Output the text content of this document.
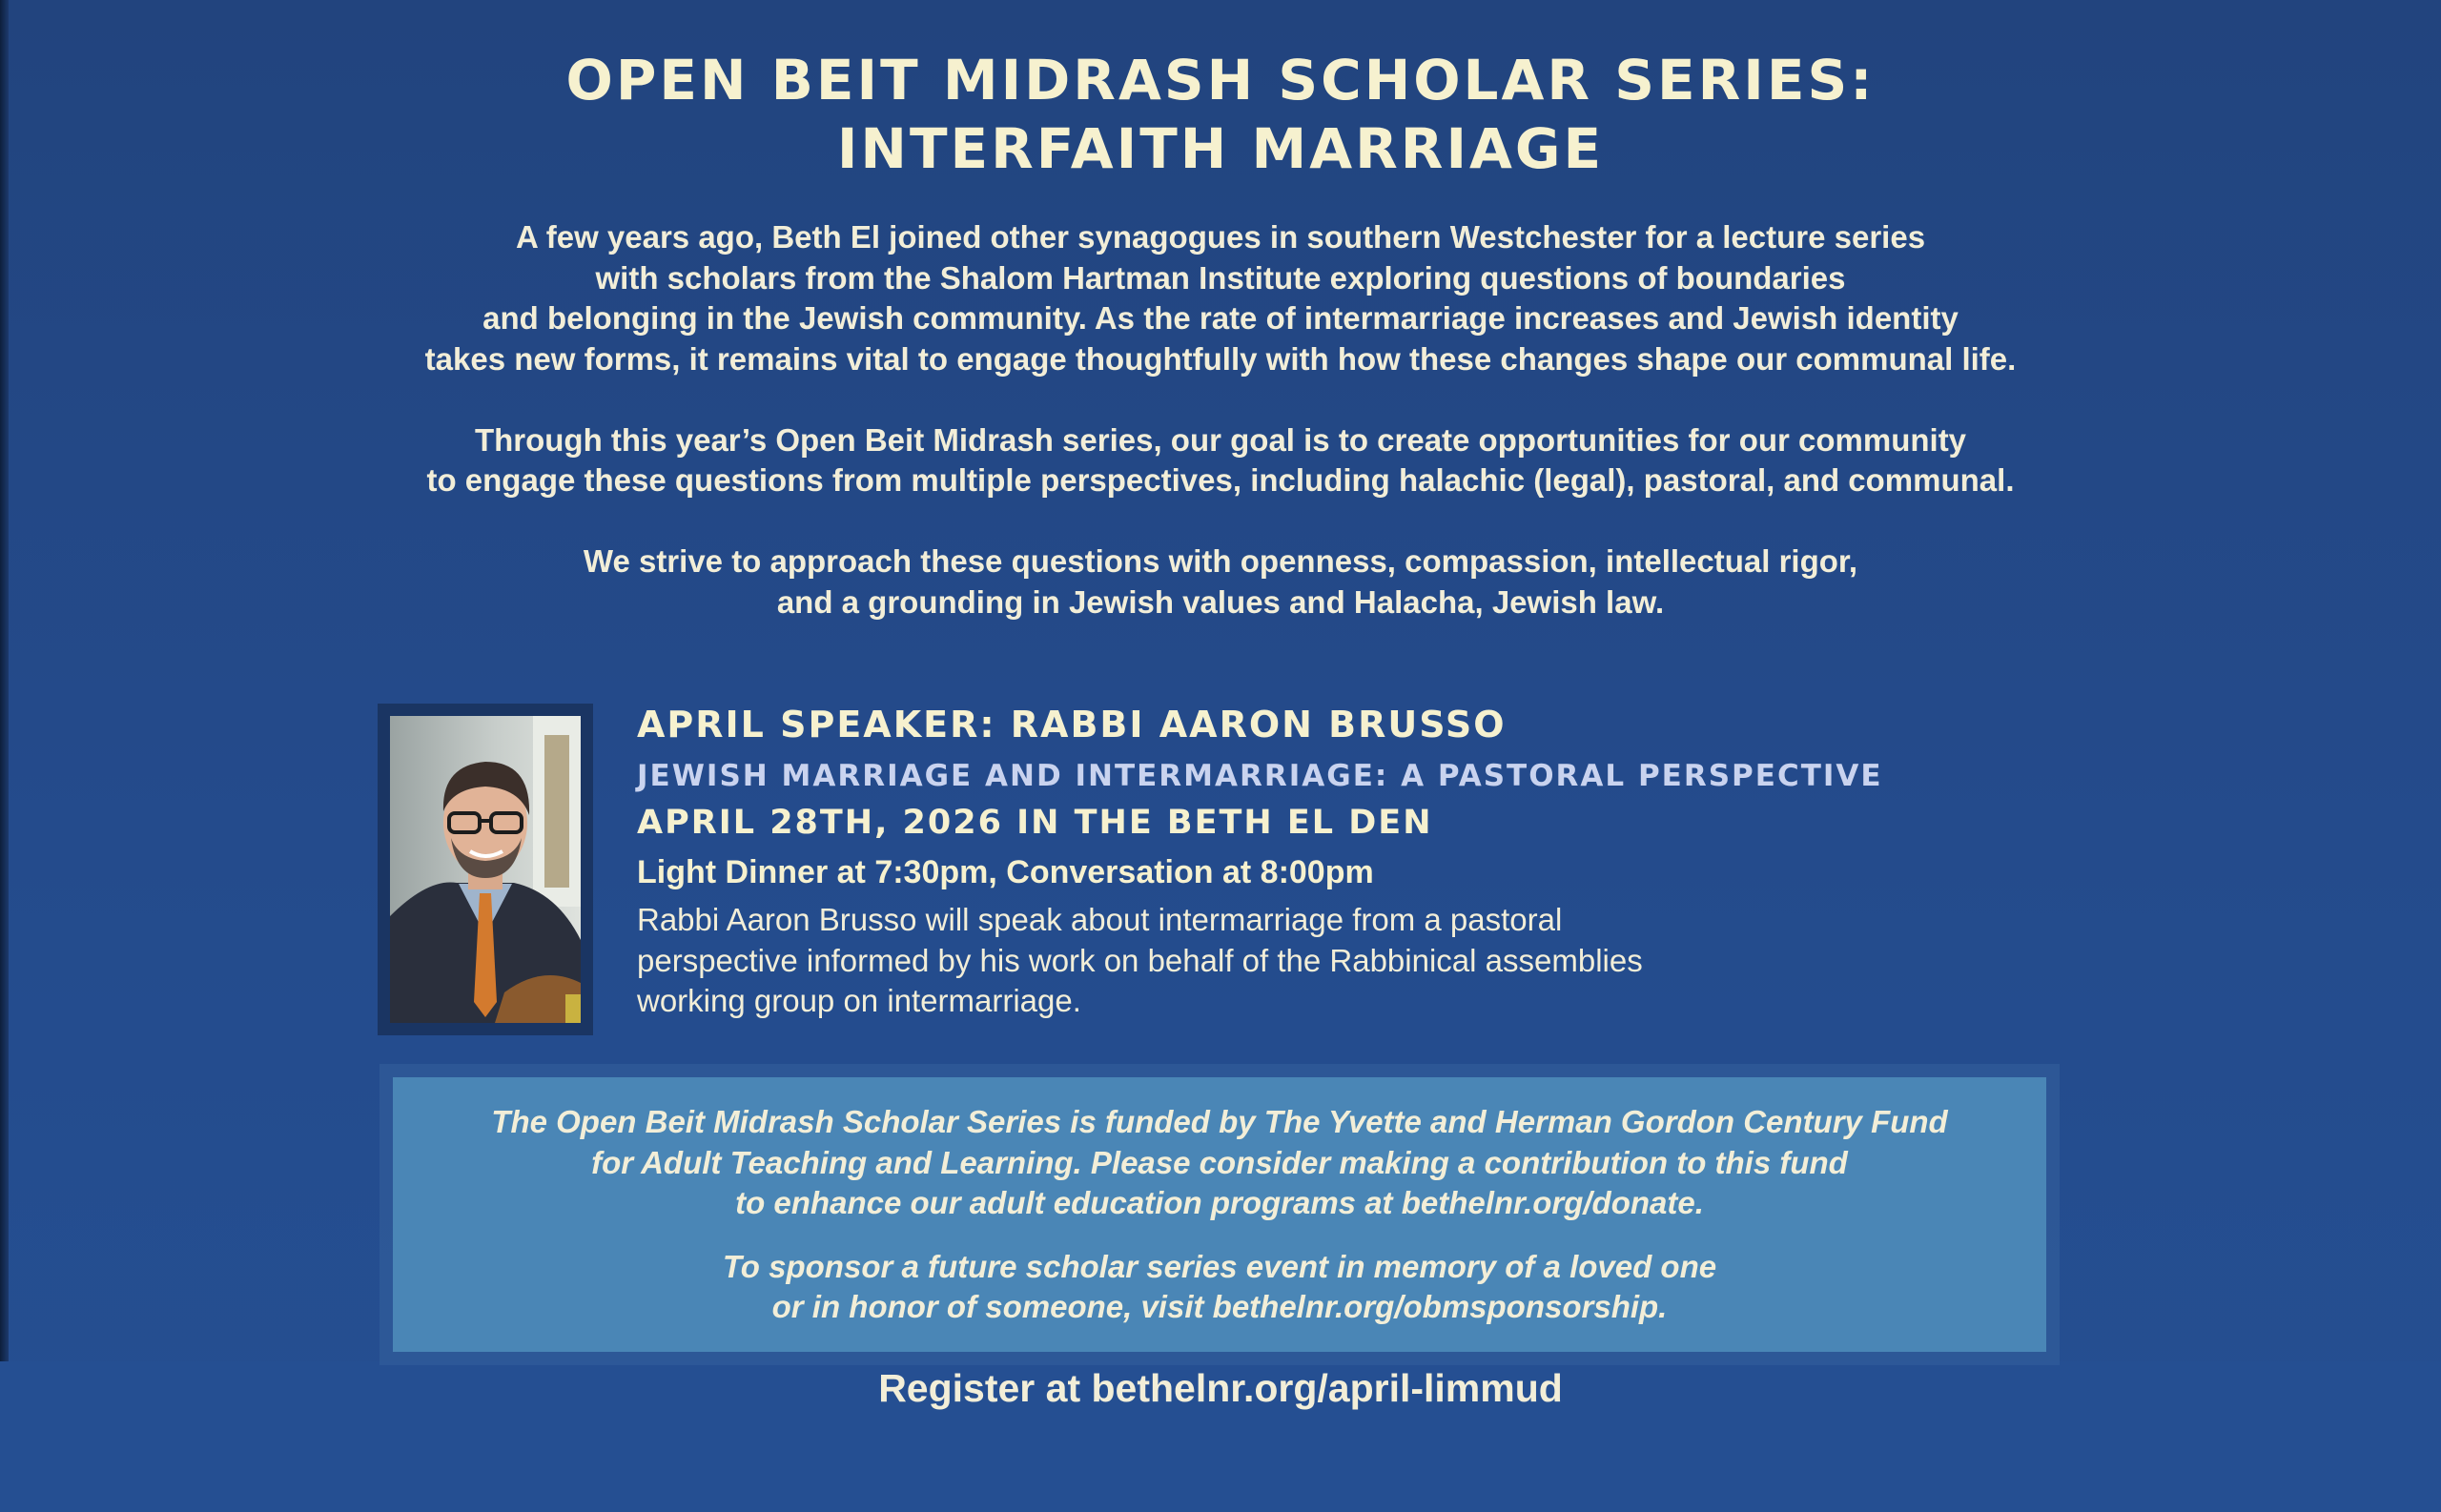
OPEN BEIT MIDRASH SCHOLAR SERIES:
INTERFAITH MARRIAGE
A few years ago, Beth El joined other synagogues in southern Westchester for a lecture series
with scholars from the Shalom Hartman Institute exploring questions of boundaries
and belonging in the Jewish community. As the rate of intermarriage increases and Jewish identity
takes new forms, it remains vital to engage thoughtfully with how these changes shape our communal life.
Through this year’s Open Beit Midrash series, our goal is to create opportunities for our community
to engage these questions from multiple perspectives, including halachic (legal), pastoral, and communal.
We strive to approach these questions with openness, compassion, intellectual rigor,
and a grounding in Jewish values and Halacha, Jewish law.
APRIL SPEAKER: RABBI AARON BRUSSO
JEWISH MARRIAGE AND INTERMARRIAGE: A PASTORAL PERSPECTIVE
APRIL 28TH, 2026 IN THE BETH EL DEN
Light Dinner at 7:30pm, Conversation at 8:00pm
Rabbi Aaron Brusso will speak about intermarriage from a pastoral
perspective informed by his work on behalf of the Rabbinical assemblies
working group on intermarriage.
The Open Beit Midrash Scholar Series is funded by The Yvette and Herman Gordon Century Fund
for Adult Teaching and Learning. Please consider making a contribution to this fund
to enhance our adult education programs at bethelnr.org/donate.
To sponsor a future scholar series event in memory of a loved one
or in honor of someone, visit bethelnr.org/obmsponsorship.
Register at bethelnr.org/april-limmud
